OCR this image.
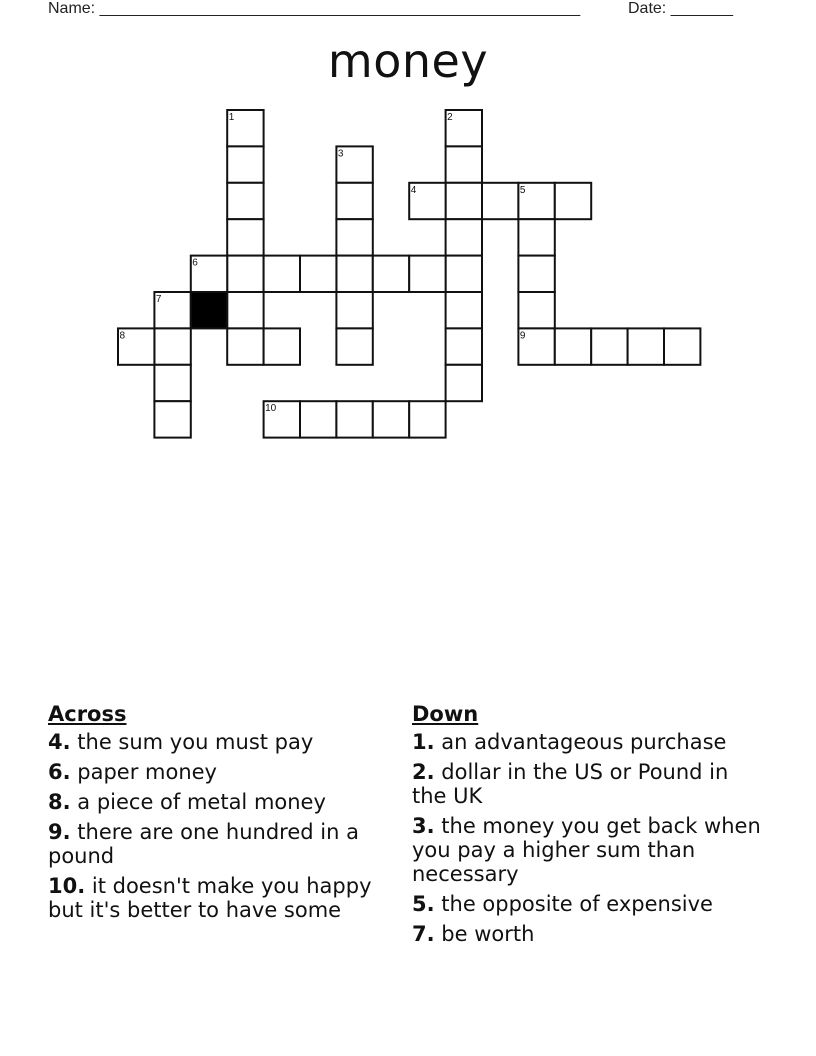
Name: ______________________________________________________	Date: _______
money
1	2
3
4	5
6
7
8	9
10
Across
4. the sum you must pay
6. paper money
8. a piece of metal money
9. there are one hundred in a pound
10. it doesn't make you happy but it's better to have some
Down
1. an advantageous purchase
2. dollar in the US or Pound in the UK
3. the money you get back when you pay a higher sum than necessary
5. the opposite of expensive
7. be worth
